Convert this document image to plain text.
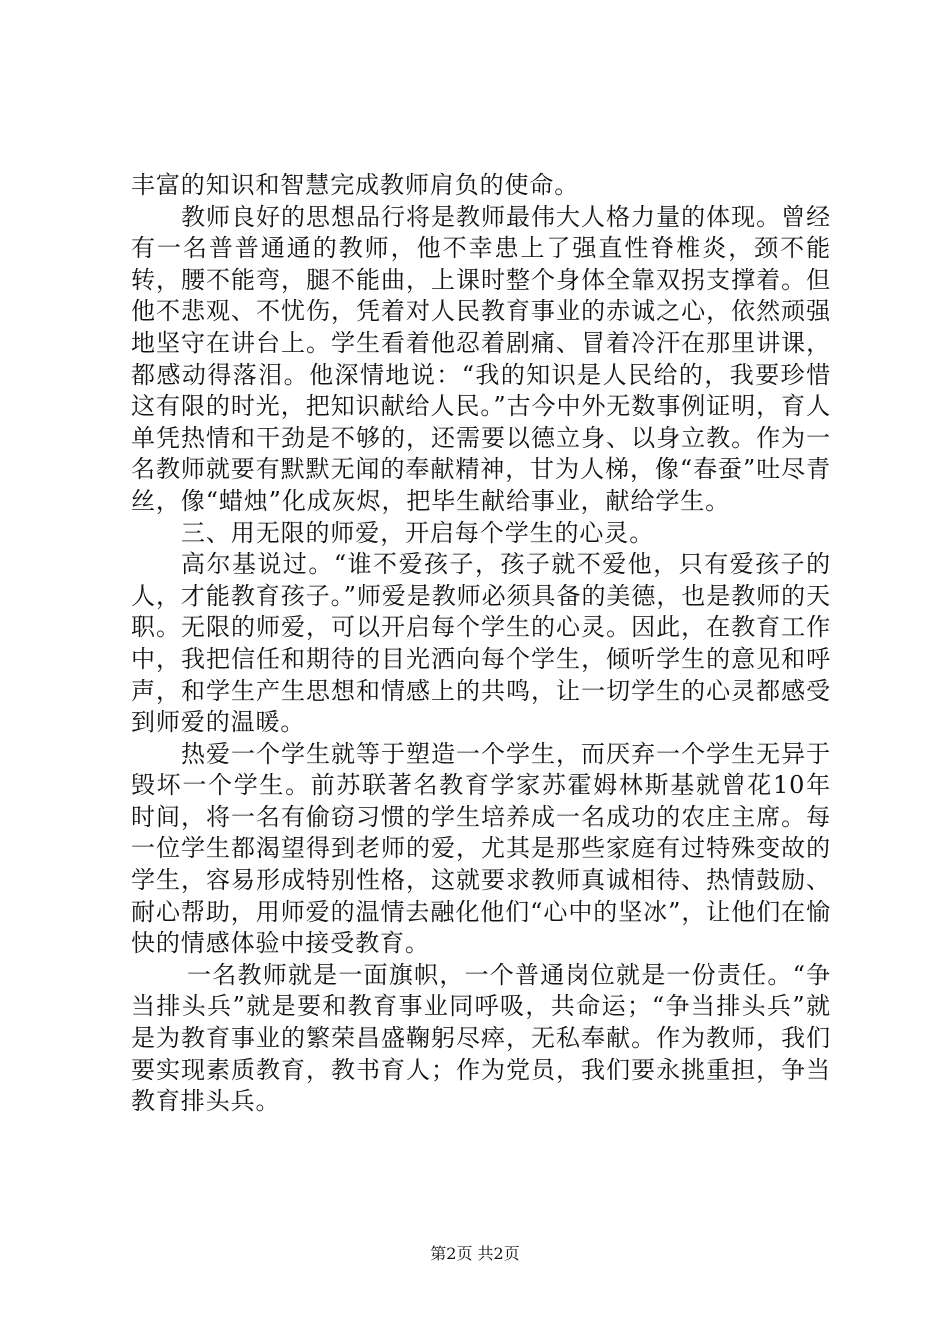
丰富的知识和智慧完成教师肩负的使命。

教师良好的思想品行将是教师最伟大人格力量的体现。曾经有一名普普通通的教师，他不幸患上了强直性脊椎炎，颈不能转，腰不能弯，腿不能曲，上课时整个身体全靠双拐支撑着。但他不悲观、不忧伤，凭着对人民教育事业的赤诚之心，依然顽强地坚守在讲台上。学生看着他忍着剧痛、冒着冷汗在那里讲课，都感动得落泪。他深情地说：“我的知识是人民给的，我要珍惜这有限的时光，把知识献给人民。”古今中外无数事例证明，育人单凭热情和干劲是不够的，还需要以德立身、以身立教。作为一名教师就要有默默无闻的奉献精神，甘为人梯，像“春蚕”吐尽青丝，像“蜡烛”化成灰烬，把毕生献给事业，献给学生。

三、用无限的师爱，开启每个学生的心灵。

高尔基说过。“谁不爱孩子，孩子就不爱他，只有爱孩子的人，才能教育孩子。”师爱是教师必须具备的美德，也是教师的天职。无限的师爱，可以开启每个学生的心灵。因此，在教育工作中，我把信任和期待的目光洒向每个学生，倾听学生的意见和呼声，和学生产生思想和情感上的共鸣，让一切学生的心灵都感受到师爱的温暖。

热爱一个学生就等于塑造一个学生，而厌弃一个学生无异于毁坏一个学生。前苏联著名教育学家苏霍姆林斯基就曾花10年时间，将一名有偷窃习惯的学生培养成一名成功的农庄主席。每一位学生都渴望得到老师的爱，尤其是那些家庭有过特殊变故的学生，容易形成特别性格，这就要求教师真诚相待、热情鼓励、耐心帮助，用师爱的温情去融化他们“心中的坚冰”，让他们在愉快的情感体验中接受教育。

一名教师就是一面旗帜，一个普通岗位就是一份责任。“争当排头兵”就是要和教育事业同呼吸，共命运；“争当排头兵”就是为教育事业的繁荣昌盛鞠躬尽瘁，无私奉献。作为教师，我们要实现素质教育，教书育人；作为党员，我们要永挑重担，争当教育排头兵。

第2页 共2页
